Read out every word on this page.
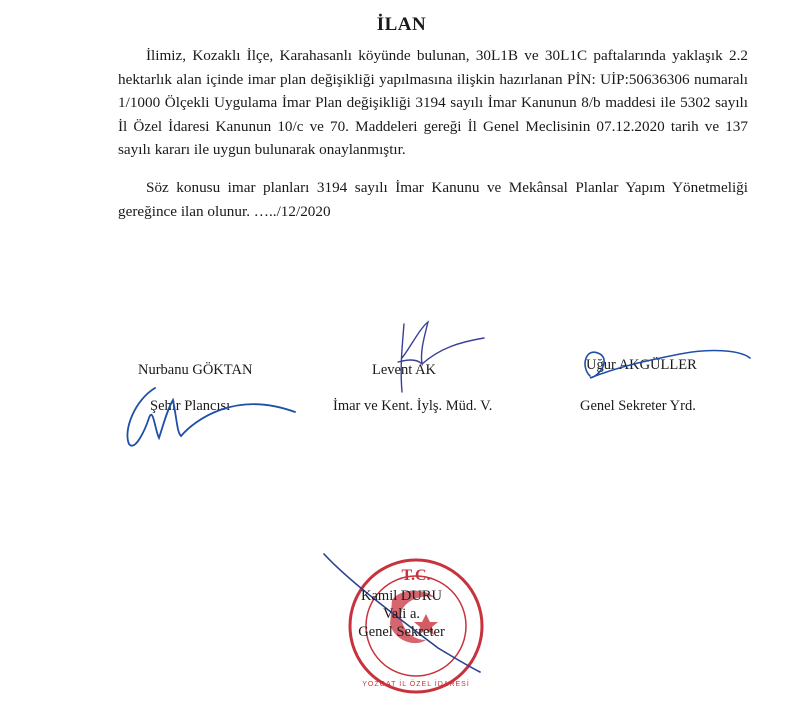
İLAN

İlimiz, Kozaklı İlçe, Karahasanlı köyünde bulunan, 30L1B ve 30L1C paftalarında yaklaşık 2.2 hektarlık alan içinde imar plan değişikliği yapılmasına ilişkin hazırlanan PİN: UİP:50636306 numaralı 1/1000 Ölçekli Uygulama İmar Plan değişikliği 3194 sayılı İmar Kanunun 8/b maddesi ile 5302 sayılı İl Özel İdaresi Kanunun 10/c ve 70. Maddeleri gereği İl Genel Meclisinin 07.12.2020 tarih ve 137 sayılı kararı ile uygun bulunarak onaylanmıştır.

Söz konusu imar planları 3194 sayılı İmar Kanunu ve Mekânsal Planlar Yapım Yönetmeliği gereğince ilan olunur. …../12/2020

Nurbanu GÖKTAN
Şehir Plancısı
Levent AK
İmar ve Kent. İylş. Müd. V.
Uğur AKGÜLLER
Genel Sekreter Yrd.
T.C.
YOZGAT İL ÖZEL İDARESİ
Kamil DURU
Vali a.
Genel Sekreter
